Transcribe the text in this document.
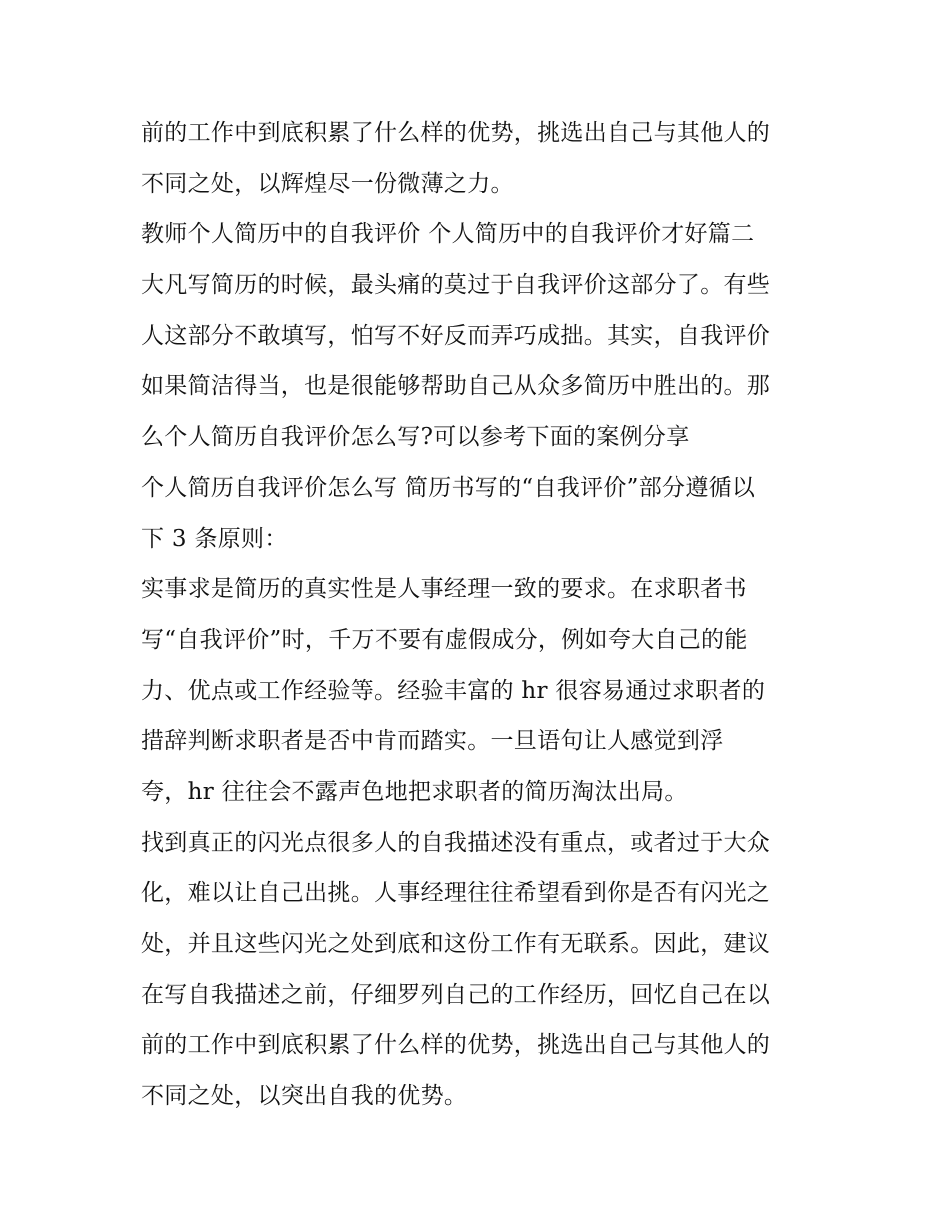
前的工作中到底积累了什么样的优势，挑选出自己与其他人的
不同之处，以辉煌尽一份微薄之力。
教师个人简历中的自我评价 个人简历中的自我评价才好篇二
大凡写简历的时候，最头痛的莫过于自我评价这部分了。有些
人这部分不敢填写，怕写不好反而弄巧成拙。其实，自我评价
如果简洁得当，也是很能够帮助自己从众多简历中胜出的。那
么个人简历自我评价怎么写?可以参考下面的案例分享
个人简历自我评价怎么写 简历书写的“自我评价”部分遵循以
下 3 条原则：
实事求是简历的真实性是人事经理一致的要求。在求职者书
写“自我评价”时，千万不要有虚假成分，例如夸大自己的能
力、优点或工作经验等。经验丰富的 hr 很容易通过求职者的
措辞判断求职者是否中肯而踏实。一旦语句让人感觉到浮
夸，hr 往往会不露声色地把求职者的简历淘汰出局。
找到真正的闪光点很多人的自我描述没有重点，或者过于大众
化，难以让自己出挑。人事经理往往希望看到你是否有闪光之
处，并且这些闪光之处到底和这份工作有无联系。因此，建议
在写自我描述之前，仔细罗列自己的工作经历，回忆自己在以
前的工作中到底积累了什么样的优势，挑选出自己与其他人的
不同之处，以突出自我的优势。
